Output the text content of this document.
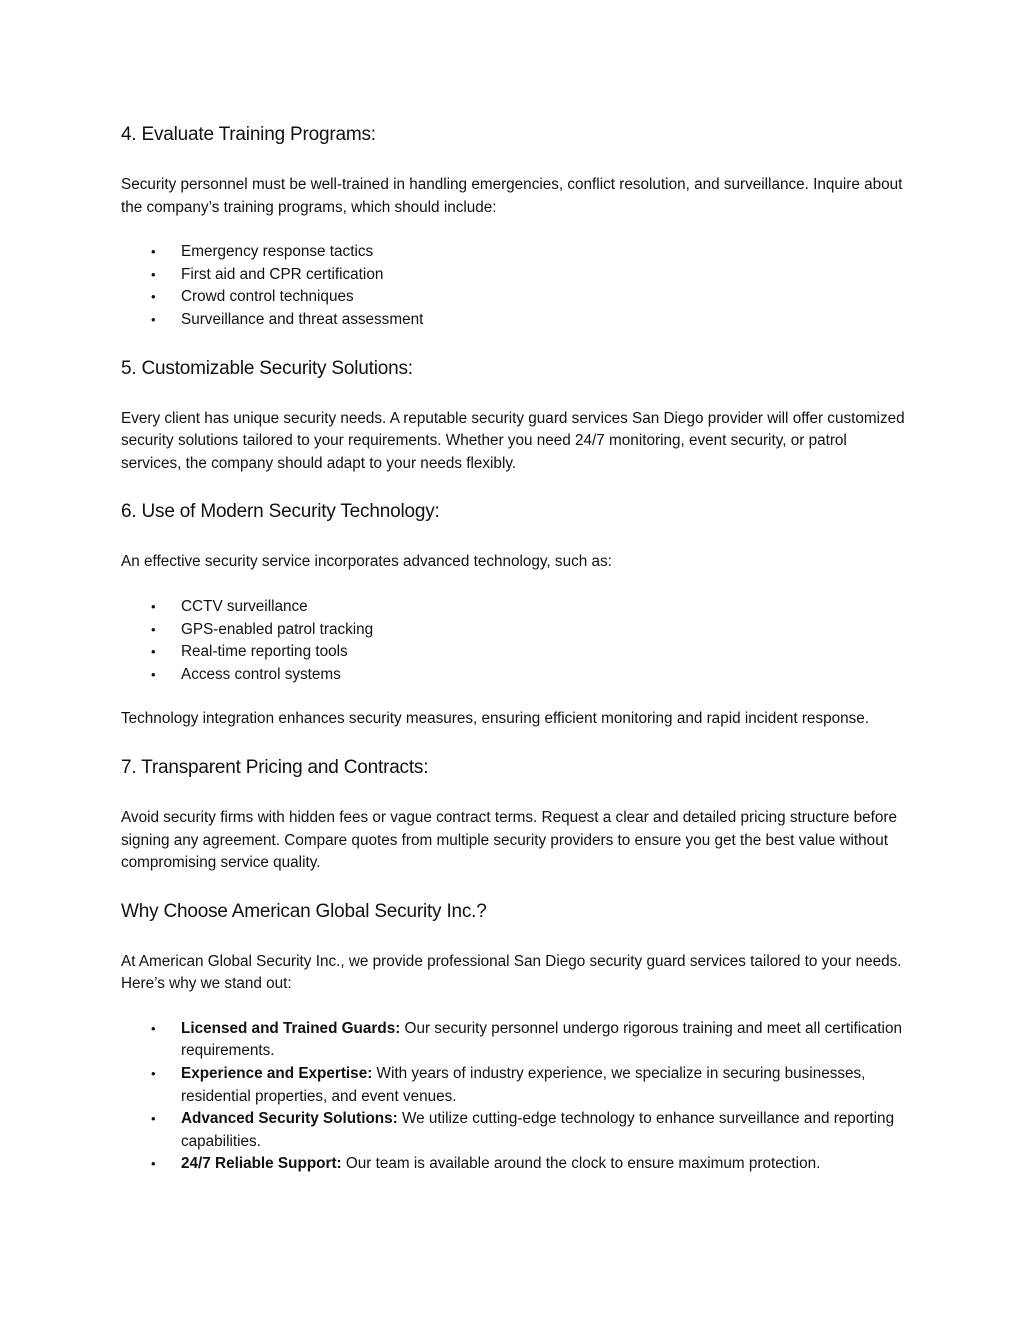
4. Evaluate Training Programs:

Security personnel must be well-trained in handling emergencies, conflict resolution, and surveillance. Inquire about the company’s training programs, which should include:

• Emergency response tactics
• First aid and CPR certification
• Crowd control techniques
• Surveillance and threat assessment
5. Customizable Security Solutions:

Every client has unique security needs. A reputable security guard services San Diego provider will offer customized security solutions tailored to your requirements. Whether you need 24/7 monitoring, event security, or patrol services, the company should adapt to your needs flexibly.

6. Use of Modern Security Technology:

An effective security service incorporates advanced technology, such as:

• CCTV surveillance
• GPS-enabled patrol tracking
• Real-time reporting tools
• Access control systems

Technology integration enhances security measures, ensuring efficient monitoring and rapid incident response.

7. Transparent Pricing and Contracts:

Avoid security firms with hidden fees or vague contract terms. Request a clear and detailed pricing structure before signing any agreement. Compare quotes from multiple security providers to ensure you get the best value without compromising service quality.

Why Choose American Global Security Inc.?

At American Global Security Inc., we provide professional San Diego security guard services tailored to your needs. Here’s why we stand out:

• Licensed and Trained Guards: Our security personnel undergo rigorous training and meet all certification requirements.
• Experience and Expertise: With years of industry experience, we specialize in securing businesses, residential properties, and event venues.
• Advanced Security Solutions: We utilize cutting-edge technology to enhance surveillance and reporting capabilities.
• 24/7 Reliable Support: Our team is available around the clock to ensure maximum protection.
